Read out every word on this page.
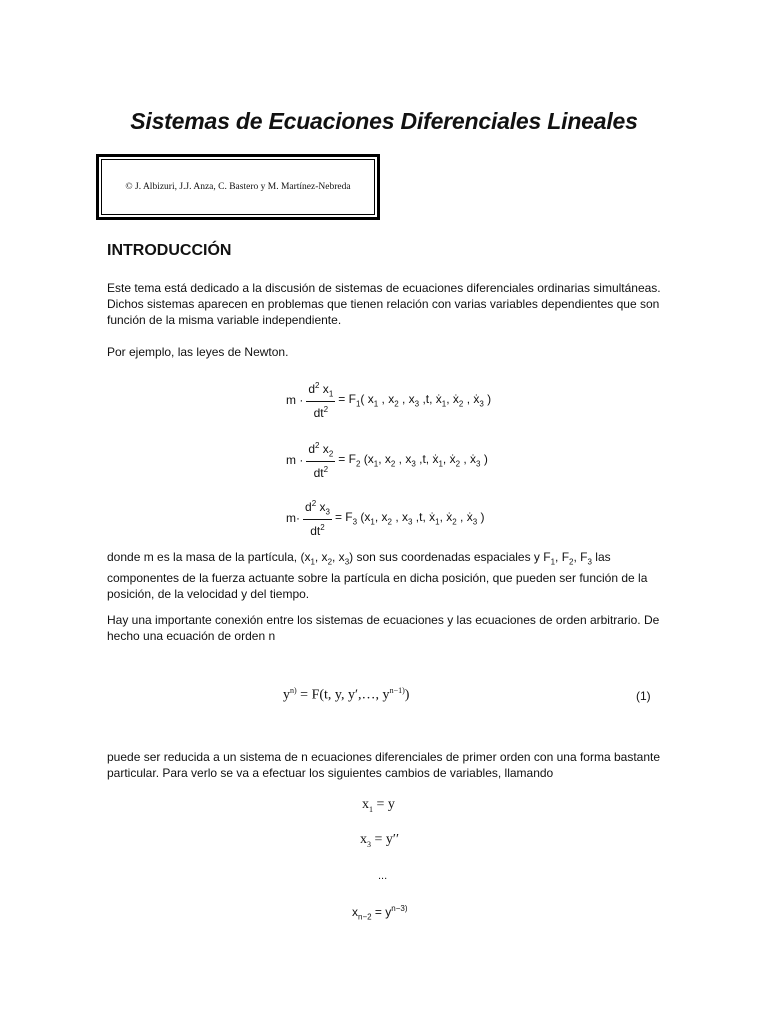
Sistemas de Ecuaciones Diferenciales Lineales
© J. Albizuri, J.J. Anza, C. Bastero y M. Martínez-Nebreda
INTRODUCCIÓN
Este tema está dedicado a la discusión de sistemas de ecuaciones diferenciales ordinarias simultáneas. Dichos sistemas aparecen en problemas que tienen relación con varias variables dependientes que son función de la misma variable independiente.
Por ejemplo, las leyes de Newton.
$m \cdot \frac{d^2 x_1}{dt^2} = F_1$( $x_1$ , $x_2$ , $x_3$ ,t, ẋ$_1$, ẋ$_2$ , ẋ$_3$ )
$m \cdot \frac{d^2 x_2}{dt^2} = F_2$ ($x_1$, $x_2$ , $x_3$ ,t, ẋ$_1$, ẋ$_2$ , ẋ$_3$ )
$m\cdot \frac{d^2 x_3}{dt^2} = F_3$ ($x_1$, $x_2$ , $x_3$ ,t, ẋ$_1$, ẋ$_2$ , ẋ$_3$ )
donde m es la masa de la partícula, ($x_1$, $x_2$, $x_3$) son sus coordenadas espaciales y $F_1$, $F_2$, $F_3$ las componentes de la fuerza actuante sobre la partícula en dicha posición, que pueden ser función de la posición, de la velocidad y del tiempo.
Hay una importante conexión entre los sistemas de ecuaciones y las ecuaciones de orden arbitrario. De hecho una ecuación de orden n
$y^{n)} = F(t$, y, y′,…, $y^{n-1)}$)	(1)
puede ser reducida a un sistema de n ecuaciones diferenciales de primer orden con una forma bastante particular. Para verlo se va a efectuar los siguientes cambios de variables, llamando
$x_1 = y$
$x_3 = y''$
...
$x_{n-2} = y^{n-3)}$
